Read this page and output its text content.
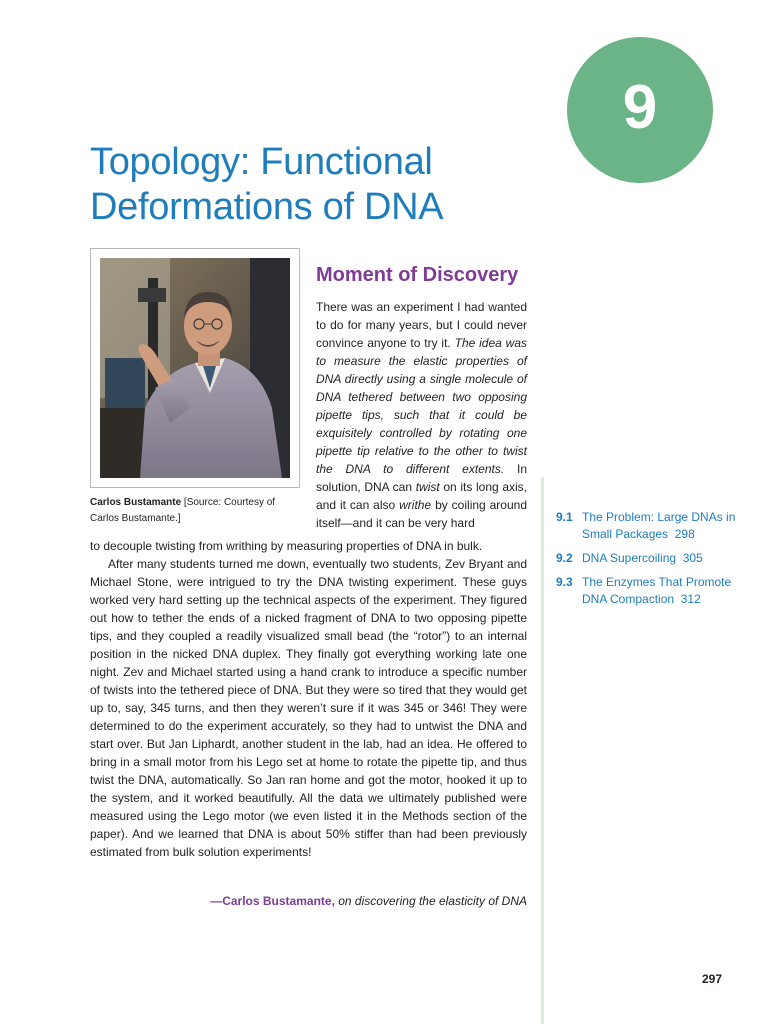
9
Topology: Functional Deformations of DNA
Carlos Bustamante [Source: Courtesy of Carlos Bustamante.]
Moment of Discovery

There was an experiment I had wanted to do for many years, but I could never convince anyone to try it. The idea was to measure the elastic properties of DNA directly using a single molecule of DNA tethered between two opposing pipette tips, such that it could be exquisitely controlled by rotating one pipette tip relative to the other to twist the DNA to different extents. In solution, DNA can twist on its long axis, and it can also writhe by coiling around itself—and it can be very hard

to decouple twisting from writhing by measuring properties of DNA in bulk.

After many students turned me down, eventually two students, Zev Bryant and Michael Stone, were intrigued to try the DNA twisting experiment. These guys worked very hard setting up the technical aspects of the experiment. They figured out how to tether the ends of a nicked fragment of DNA to two opposing pipette tips, and they coupled a readily visualized small bead (the “rotor”) to an internal position in the nicked DNA duplex. They finally got everything working late one night. Zev and Michael started using a hand crank to introduce a specific number of twists into the tethered piece of DNA. But they were so tired that they would get up to, say, 345 turns, and then they weren’t sure if it was 345 or 346! They were determined to do the experiment accurately, so they had to untwist the DNA and start over. But Jan Liphardt, another student in the lab, had an idea. He offered to bring in a small motor from his Lego set at home to rotate the pipette tip, and thus twist the DNA, automatically. So Jan ran home and got the motor, hooked it up to the system, and it worked beautifully. All the data we ultimately published were measured using the Lego motor (we even listed it in the Methods section of the paper). And we learned that DNA is about 50% stiffer than had been previously estimated from bulk solution experiments!

—Carlos Bustamante, on discovering the elasticity of DNA
9.1 The Problem: Large DNAs in Small Packages 298
9.2 DNA Supercoiling 305
9.3 The Enzymes That Promote DNA Compaction 312
297
